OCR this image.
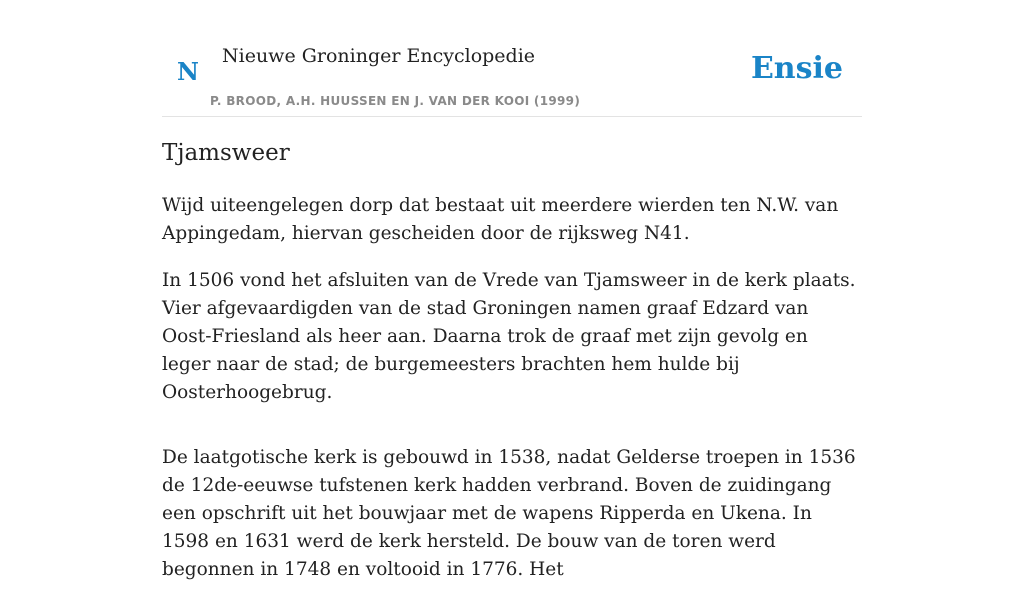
N
Nieuwe Groninger Encyclopedie
P. BROOD, A.H. HUUSSEN EN J. VAN DER KOOI (1999)
Ensie
Tjamsweer

Wijd uiteengelegen dorp dat bestaat uit meerdere wierden ten N.W. van Appingedam, hiervan gescheiden door de rijksweg N41.

In 1506 vond het afsluiten van de Vrede van Tjamsweer in de kerk plaats. Vier afgevaardigden van de stad Groningen namen graaf Edzard van Oost-Friesland als heer aan. Daarna trok de graaf met zijn gevolg en leger naar de stad; de burgemeesters brachten hem hulde bij Oosterhoogebrug.

De laatgotische kerk is gebouwd in 1538, nadat Gelderse troepen in 1536 de 12de-eeuwse tufstenen kerk hadden verbrand. Boven de zuidingang een opschrift uit het bouwjaar met de wapens Ripperda en Ukena. In 1598 en 1631 werd de kerk hersteld. De bouw van de toren werd begonnen in 1748 en voltooid in 1776. Het
